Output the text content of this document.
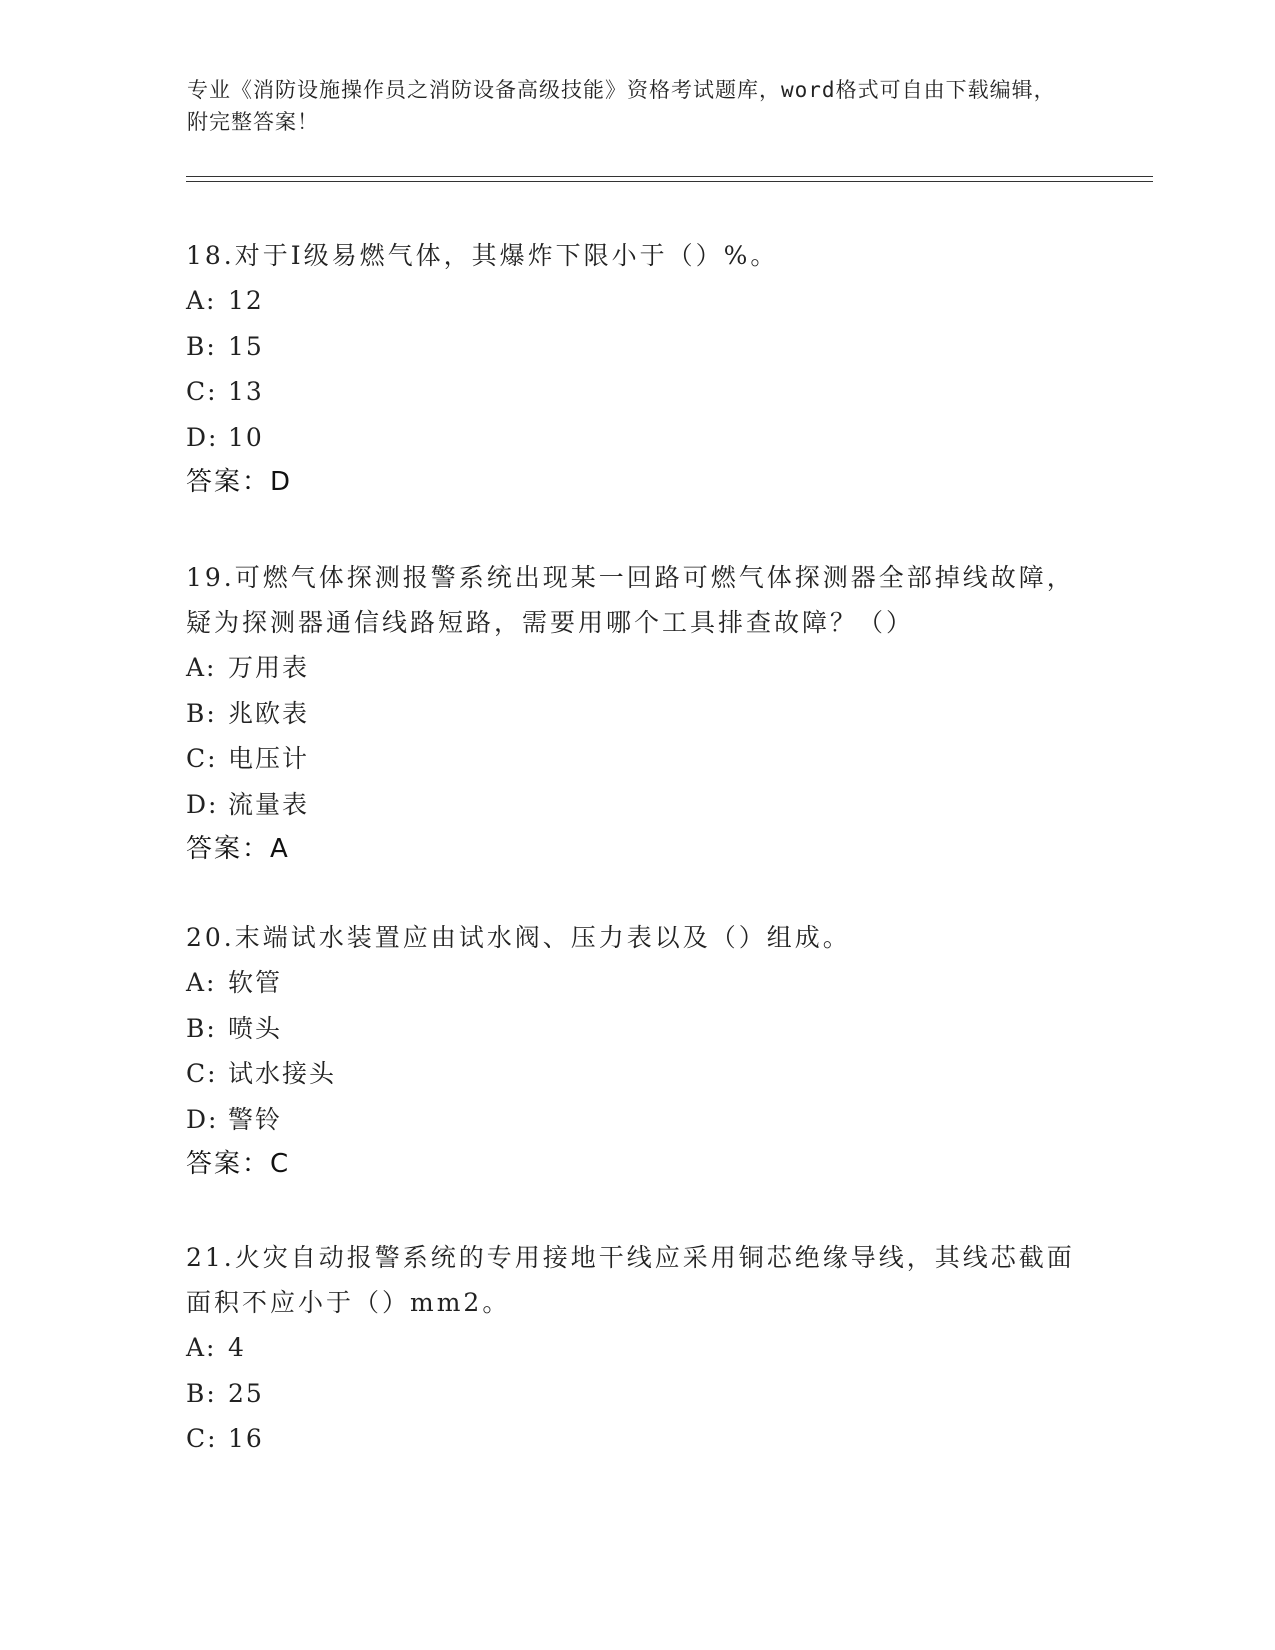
专业《消防设施操作员之消防设备高级技能》资格考试题库，word格式可自由下载编辑，附完整答案！
18.对于Ⅰ级易燃气体，其爆炸下限小于（）%。
A: 12
B: 15
C: 13
D: 10
答案：D
19.可燃气体探测报警系统出现某一回路可燃气体探测器全部掉线故障，疑为探测器通信线路短路，需要用哪个工具排查故障？（）
A: 万用表
B: 兆欧表
C: 电压计
D: 流量表
答案：A
20.末端试水装置应由试水阀、压力表以及（）组成。
A: 软管
B: 喷头
C: 试水接头
D: 警铃
答案：C
21.火灾自动报警系统的专用接地干线应采用铜芯绝缘导线，其线芯截面面积不应小于（）mm2。
A: 4
B: 25
C: 16
